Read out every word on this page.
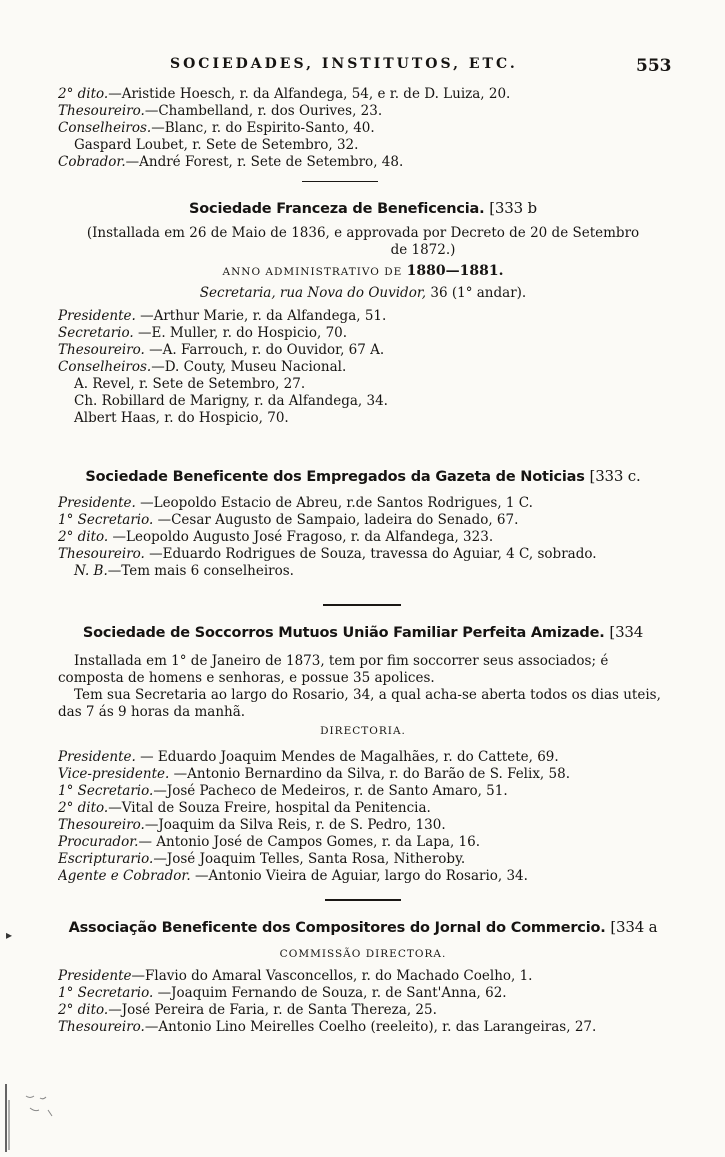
SOCIEDADES, INSTITUTOS, ETC.	553
2° dito.—Aristide Hoesch, r. da Alfandega, 54, e r. de D. Luiza, 20.
Thesoureiro.—Chambelland, r. dos Ourives, 23.
Conselheiros.—Blanc, r. do Espirito-Santo, 40.
Gaspard Loubet, r. Sete de Setembro, 32.
Cobrador.—André Forest, r. Sete de Setembro, 48.
Sociedade Franceza de Beneficencia. [333 b
(Installada em 26 de Maio de 1836, e approvada por Decreto de 20 de Setembro
de 1872.)
ANNO ADMINISTRATIVO DE 1880—1881.
Secretaria, rua Nova do Ouvidor, 36 (1° andar).
Presidente. —Arthur Marie, r. da Alfandega, 51.
Secretario. —E. Muller, r. do Hospicio, 70.
Thesoureiro. —A. Farrouch, r. do Ouvidor, 67 A.
Conselheiros.—D. Couty, Museu Nacional.
A. Revel, r. Sete de Setembro, 27.
Ch. Robillard de Marigny, r. da Alfandega, 34.
Albert Haas, r. do Hospicio, 70.
Sociedade Beneficente dos Empregados da Gazeta de Noticias [333 c.
Presidente. —Leopoldo Estacio de Abreu, r.de Santos Rodrigues, 1 C.
1° Secretario. —Cesar Augusto de Sampaio, ladeira do Senado, 67.
2° dito. —Leopoldo Augusto José Fragoso, r. da Alfandega, 323.
Thesoureiro. —Eduardo Rodrigues de Souza, travessa do Aguiar, 4 C, sobrado.
N. B.—Tem mais 6 conselheiros.
Sociedade de Soccorros Mutuos União Familiar Perfeita Amizade. [334
Installada em 1° de Janeiro de 1873, tem por fim soccorrer seus associados; é
composta de homens e senhoras, e possue 35 apolices.
Tem sua Secretaria ao largo do Rosario, 34, a qual acha-se aberta todos os dias uteis,
das 7 ás 9 horas da manhã.
DIRECTORIA.
Presidente. — Eduardo Joaquim Mendes de Magalhães, r. do Cattete, 69.
Vice-presidente. —Antonio Bernardino da Silva, r. do Barão de S. Felix, 58.
1° Secretario.—José Pacheco de Medeiros, r. de Santo Amaro, 51.
2° dito.—Vital de Souza Freire, hospital da Penitencia.
Thesoureiro.—Joaquim da Silva Reis, r. de S. Pedro, 130.
Procurador.— Antonio José de Campos Gomes, r. da Lapa, 16.
Escripturario.—José Joaquim Telles, Santa Rosa, Nitheroby.
Agente e Cobrador. —Antonio Vieira de Aguiar, largo do Rosario, 34.
Associação Beneficente dos Compositores do Jornal do Commercio. [334 a
COMMISSÃO DIRECTORA.
Presidente—Flavio do Amaral Vasconcellos, r. do Machado Coelho, 1.
1° Secretario. —Joaquim Fernando de Souza, r. de Sant'Anna, 62.
2° dito.—José Pereira de Faria, r. de Santa Thereza, 25.
Thesoureiro.—Antonio Lino Meirelles Coelho (reeleito), r. das Larangeiras, 27.
▸
